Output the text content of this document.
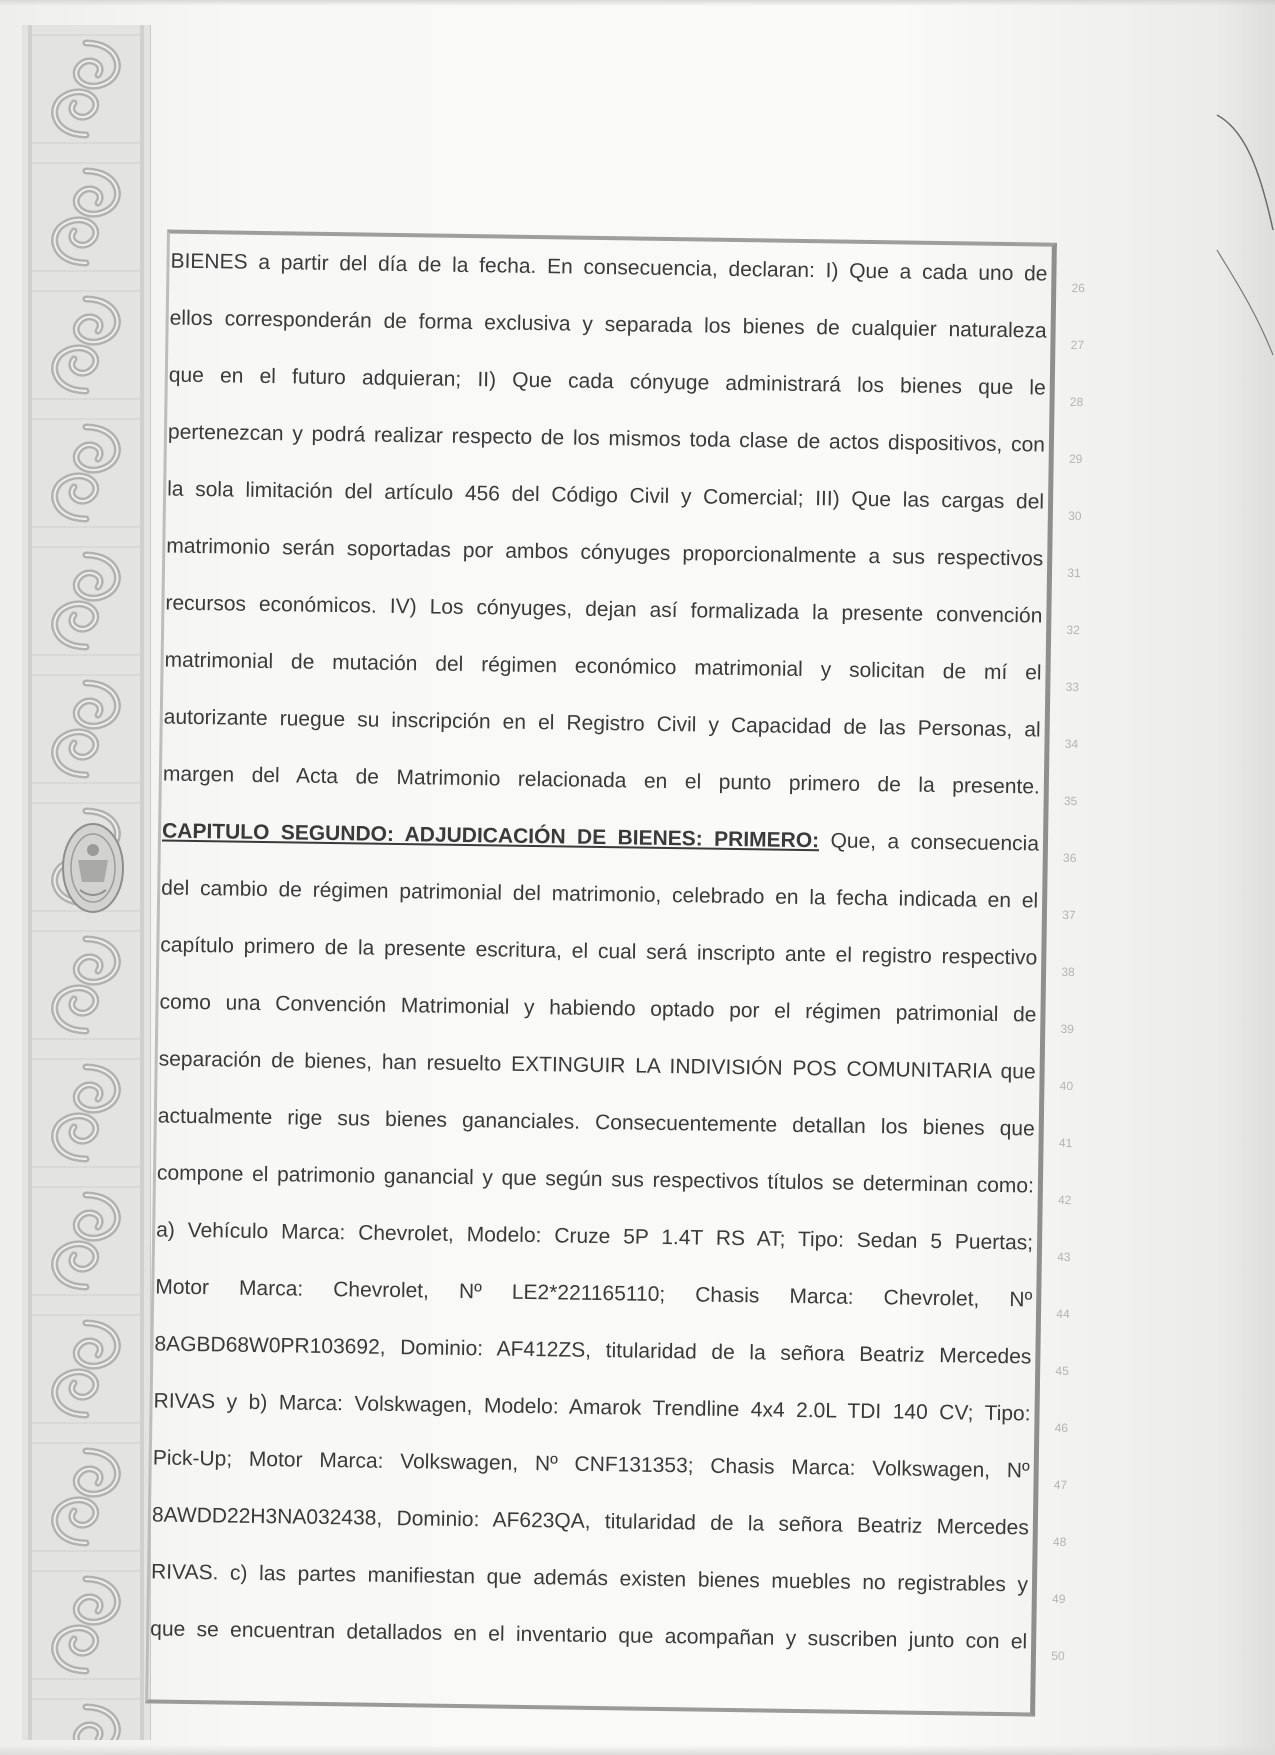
BIENES a partir del día de la fecha. En consecuencia, declaran: I) Que a cada uno de

ellos corresponderán de forma exclusiva y separada los bienes de cualquier naturaleza

que en el futuro adquieran; II) Que cada cónyuge administrará los bienes que le

pertenezcan y podrá realizar respecto de los mismos toda clase de actos dispositivos, con

la sola limitación del artículo 456 del Código Civil y Comercial; III) Que las cargas del

matrimonio serán soportadas por ambos cónyuges proporcionalmente a sus respectivos

recursos económicos. IV) Los cónyuges, dejan así formalizada la presente convención

matrimonial de mutación del régimen económico matrimonial y solicitan de mí el

autorizante ruegue su inscripción en el Registro Civil y Capacidad de las Personas, al

margen del Acta de Matrimonio relacionada en el punto primero de la presente.

CAPITULO SEGUNDO: ADJUDICACIÓN DE BIENES: PRIMERO: Que, a consecuencia

del cambio de régimen patrimonial del matrimonio, celebrado en la fecha indicada en el

capítulo primero de la presente escritura, el cual será inscripto ante el registro respectivo

como una Convención Matrimonial y habiendo optado por el régimen patrimonial de

separación de bienes, han resuelto EXTINGUIR LA INDIVISIÓN POS COMUNITARIA que

actualmente rige sus bienes gananciales. Consecuentemente detallan los bienes que

compone el patrimonio ganancial y que según sus respectivos títulos se determinan como:

a) Vehículo Marca: Chevrolet, Modelo: Cruze 5P 1.4T RS AT; Tipo: Sedan 5 Puertas;

Motor Marca: Chevrolet, Nº LE2*221165110; Chasis Marca: Chevrolet, Nº

8AGBD68W0PR103692, Dominio: AF412ZS, titularidad de la señora Beatriz Mercedes

RIVAS y b) Marca: Volskwagen, Modelo: Amarok Trendline 4x4 2.0L TDI 140 CV; Tipo:

Pick-Up; Motor Marca: Volkswagen, Nº CNF131353; Chasis Marca: Volkswagen, Nº

8AWDD22H3NA032438, Dominio: AF623QA, titularidad de la señora Beatriz Mercedes

RIVAS. c) las partes manifiestan que además existen bienes muebles no registrables y

que se encuentran detallados en el inventario que acompañan y suscriben junto con el

26
27
28
29
30
31
32
33
34
35
36
37
38
39
40
41
42
43
44
45
46
47
48
49
50
